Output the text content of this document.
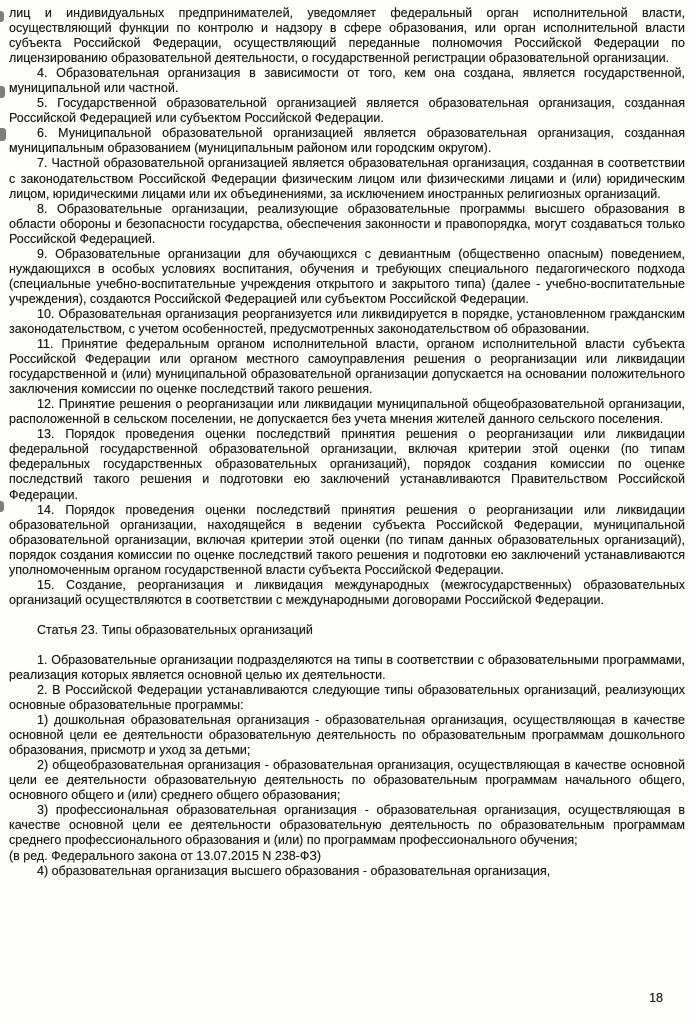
лиц и индивидуальных предпринимателей, уведомляет федеральный орган исполнительной власти, осуществляющий функции по контролю и надзору в сфере образования, или орган исполнительной власти субъекта Российской Федерации, осуществляющий переданные полномочия Российской Федерации по лицензированию образовательной деятельности, о государственной регистрации образовательной организации.

4. Образовательная организация в зависимости от того, кем она создана, является государственной, муниципальной или частной.

5. Государственной образовательной организацией является образовательная организация, созданная Российской Федерацией или субъектом Российской Федерации.

6. Муниципальной образовательной организацией является образовательная организация, созданная муниципальным образованием (муниципальным районом или городским округом).

7. Частной образовательной организацией является образовательная организация, созданная в соответствии с законодательством Российской Федерации физическим лицом или физическими лицами и (или) юридическим лицом, юридическими лицами или их объединениями, за исключением иностранных религиозных организаций.

8. Образовательные организации, реализующие образовательные программы высшего образования в области обороны и безопасности государства, обеспечения законности и правопорядка, могут создаваться только Российской Федерацией.

9. Образовательные организации для обучающихся с девиантным (общественно опасным) поведением, нуждающихся в особых условиях воспитания, обучения и требующих специального педагогического подхода (специальные учебно-воспитательные учреждения открытого и закрытого типа) (далее - учебно-воспитательные учреждения), создаются Российской Федерацией или субъектом Российской Федерации.

10. Образовательная организация реорганизуется или ликвидируется в порядке, установленном гражданским законодательством, с учетом особенностей, предусмотренных законодательством об образовании.

11. Принятие федеральным органом исполнительной власти, органом исполнительной власти субъекта Российской Федерации или органом местного самоуправления решения о реорганизации или ликвидации государственной и (или) муниципальной образовательной организации допускается на основании положительного заключения комиссии по оценке последствий такого решения.

12. Принятие решения о реорганизации или ликвидации муниципальной общеобразовательной организации, расположенной в сельском поселении, не допускается без учета мнения жителей данного сельского поселения.

13. Порядок проведения оценки последствий принятия решения о реорганизации или ликвидации федеральной государственной образовательной организации, включая критерии этой оценки (по типам федеральных государственных образовательных организаций), порядок создания комиссии по оценке последствий такого решения и подготовки ею заключений устанавливаются Правительством Российской Федерации.

14. Порядок проведения оценки последствий принятия решения о реорганизации или ликвидации образовательной организации, находящейся в ведении субъекта Российской Федерации, муниципальной образовательной организации, включая критерии этой оценки (по типам данных образовательных организаций), порядок создания комиссии по оценке последствий такого решения и подготовки ею заключений устанавливаются уполномоченным органом государственной власти субъекта Российской Федерации.

15. Создание, реорганизация и ликвидация международных (межгосударственных) образовательных организаций осуществляются в соответствии с международными договорами Российской Федерации.

Статья 23. Типы образовательных организаций

1. Образовательные организации подразделяются на типы в соответствии с образовательными программами, реализация которых является основной целью их деятельности.

2. В Российской Федерации устанавливаются следующие типы образовательных организаций, реализующих основные образовательные программы:

1) дошкольная образовательная организация - образовательная организация, осуществляющая в качестве основной цели ее деятельности образовательную деятельность по образовательным программам дошкольного образования, присмотр и уход за детьми;

2) общеобразовательная организация - образовательная организация, осуществляющая в качестве основной цели ее деятельности образовательную деятельность по образовательным программам начального общего, основного общего и (или) среднего общего образования;

3) профессиональная образовательная организация - образовательная организация, осуществляющая в качестве основной цели ее деятельности образовательную деятельность по образовательным программам среднего профессионального образования и (или) по программам профессионального обучения;

(в ред. Федерального закона от 13.07.2015 N 238-ФЗ)

4) образовательная организация высшего образования - образовательная организация,

18
